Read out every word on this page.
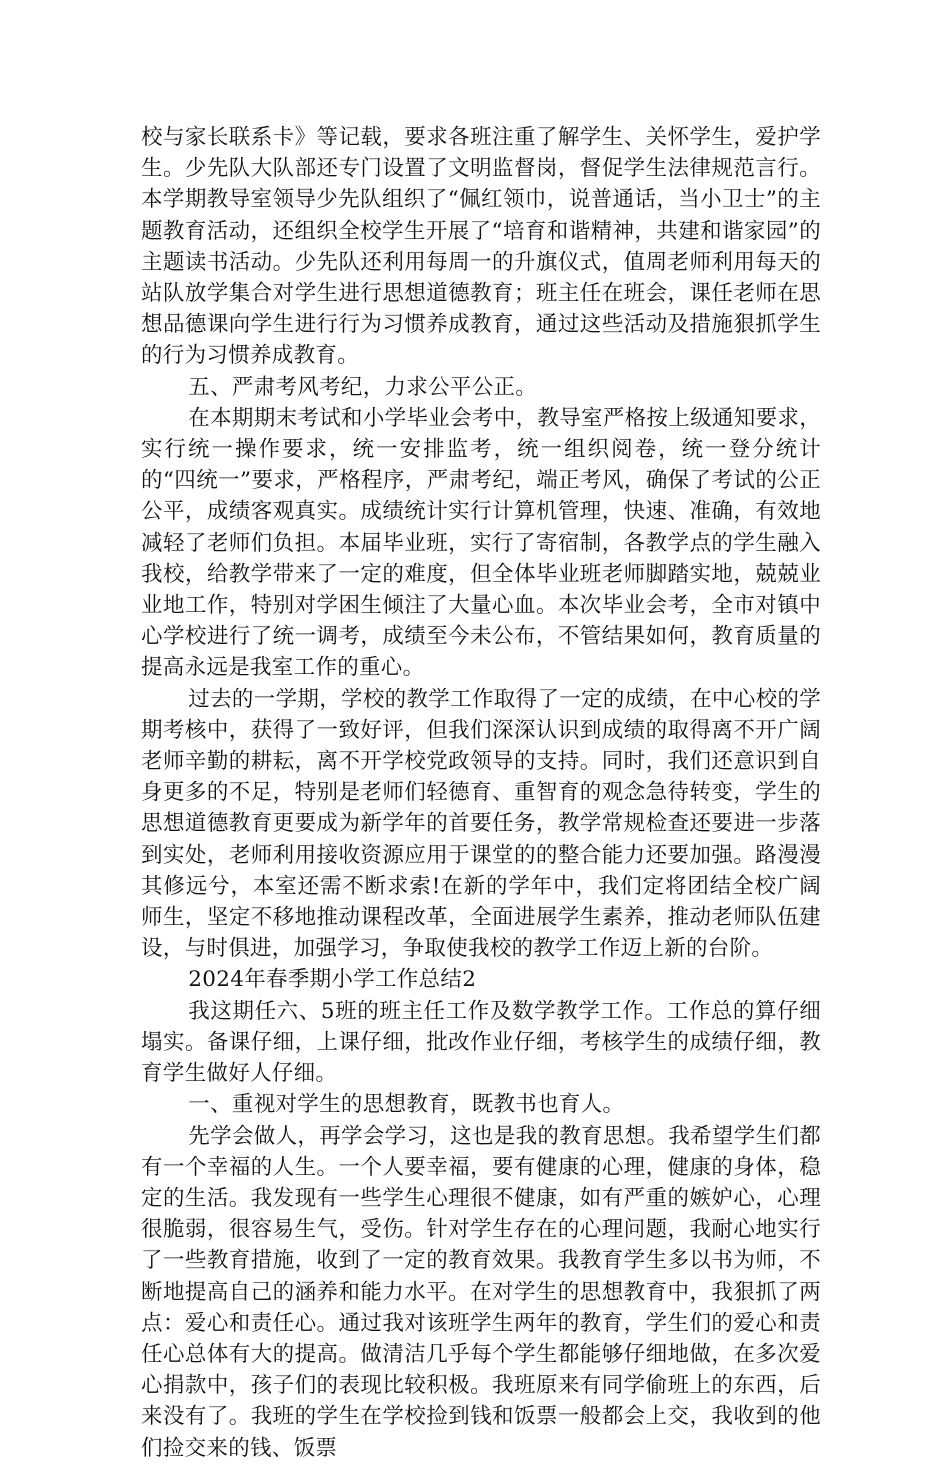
校与家长联系卡》等记载，要求各班注重了解学生、关怀学生，爱护学生。少先队大队部还专门设置了文明监督岗，督促学生法律规范言行。本学期教导室领导少先队组织了“佩红领巾，说普通话，当小卫士”的主题教育活动，还组织全校学生开展了“培育和谐精神，共建和谐家园”的主题读书活动。少先队还利用每周一的升旗仪式，值周老师利用每天的站队放学集合对学生进行思想道德教育；班主任在班会，课任老师在思想品德课向学生进行行为习惯养成教育，通过这些活动及措施狠抓学生的行为习惯养成教育。

五、严肃考风考纪，力求公平公正。

在本期期末考试和小学毕业会考中，教导室严格按上级通知要求，实行统一操作要求，统一安排监考，统一组织阅卷，统一登分统计的“四统一”要求，严格程序，严肃考纪，端正考风，确保了考试的公正公平，成绩客观真实。成绩统计实行计算机管理，快速、准确，有效地减轻了老师们负担。本届毕业班，实行了寄宿制，各教学点的学生融入我校，给教学带来了一定的难度，但全体毕业班老师脚踏实地，兢兢业业地工作，特别对学困生倾注了大量心血。本次毕业会考，全市对镇中心学校进行了统一调考，成绩至今未公布，不管结果如何，教育质量的提高永远是我室工作的重心。

过去的一学期，学校的教学工作取得了一定的成绩，在中心校的学期考核中，获得了一致好评，但我们深深认识到成绩的取得离不开广阔老师辛勤的耕耘，离不开学校党政领导的支持。同时，我们还意识到自身更多的不足，特别是老师们轻德育、重智育的观念急待转变，学生的思想道德教育更要成为新学年的首要任务，教学常规检查还要进一步落到实处，老师利用接收资源应用于课堂的的整合能力还要加强。路漫漫其修远兮，本室还需不断求索!在新的学年中，我们定将团结全校广阔师生，坚定不移地推动课程改革，全面进展学生素养，推动老师队伍建设，与时俱进，加强学习，争取使我校的教学工作迈上新的台阶。

2024年春季期小学工作总结2

我这期任六、5班的班主任工作及数学教学工作。工作总的算仔细塌实。备课仔细，上课仔细，批改作业仔细，考核学生的成绩仔细，教育学生做好人仔细。

一、重视对学生的思想教育，既教书也育人。

先学会做人，再学会学习，这也是我的教育思想。我希望学生们都有一个幸福的人生。一个人要幸福，要有健康的心理，健康的身体，稳定的生活。我发现有一些学生心理很不健康，如有严重的嫉妒心，心理很脆弱，很容易生气，受伤。针对学生存在的心理问题，我耐心地实行了一些教育措施，收到了一定的教育效果。我教育学生多以书为师，不断地提高自己的涵养和能力水平。在对学生的思想教育中，我狠抓了两点：爱心和责任心。通过我对该班学生两年的教育，学生们的爱心和责任心总体有大的提高。做清洁几乎每个学生都能够仔细地做，在多次爱心捐款中，孩子们的表现比较积极。我班原来有同学偷班上的东西，后来没有了。我班的学生在学校捡到钱和饭票一般都会上交，我收到的他们捡交来的钱、饭票
